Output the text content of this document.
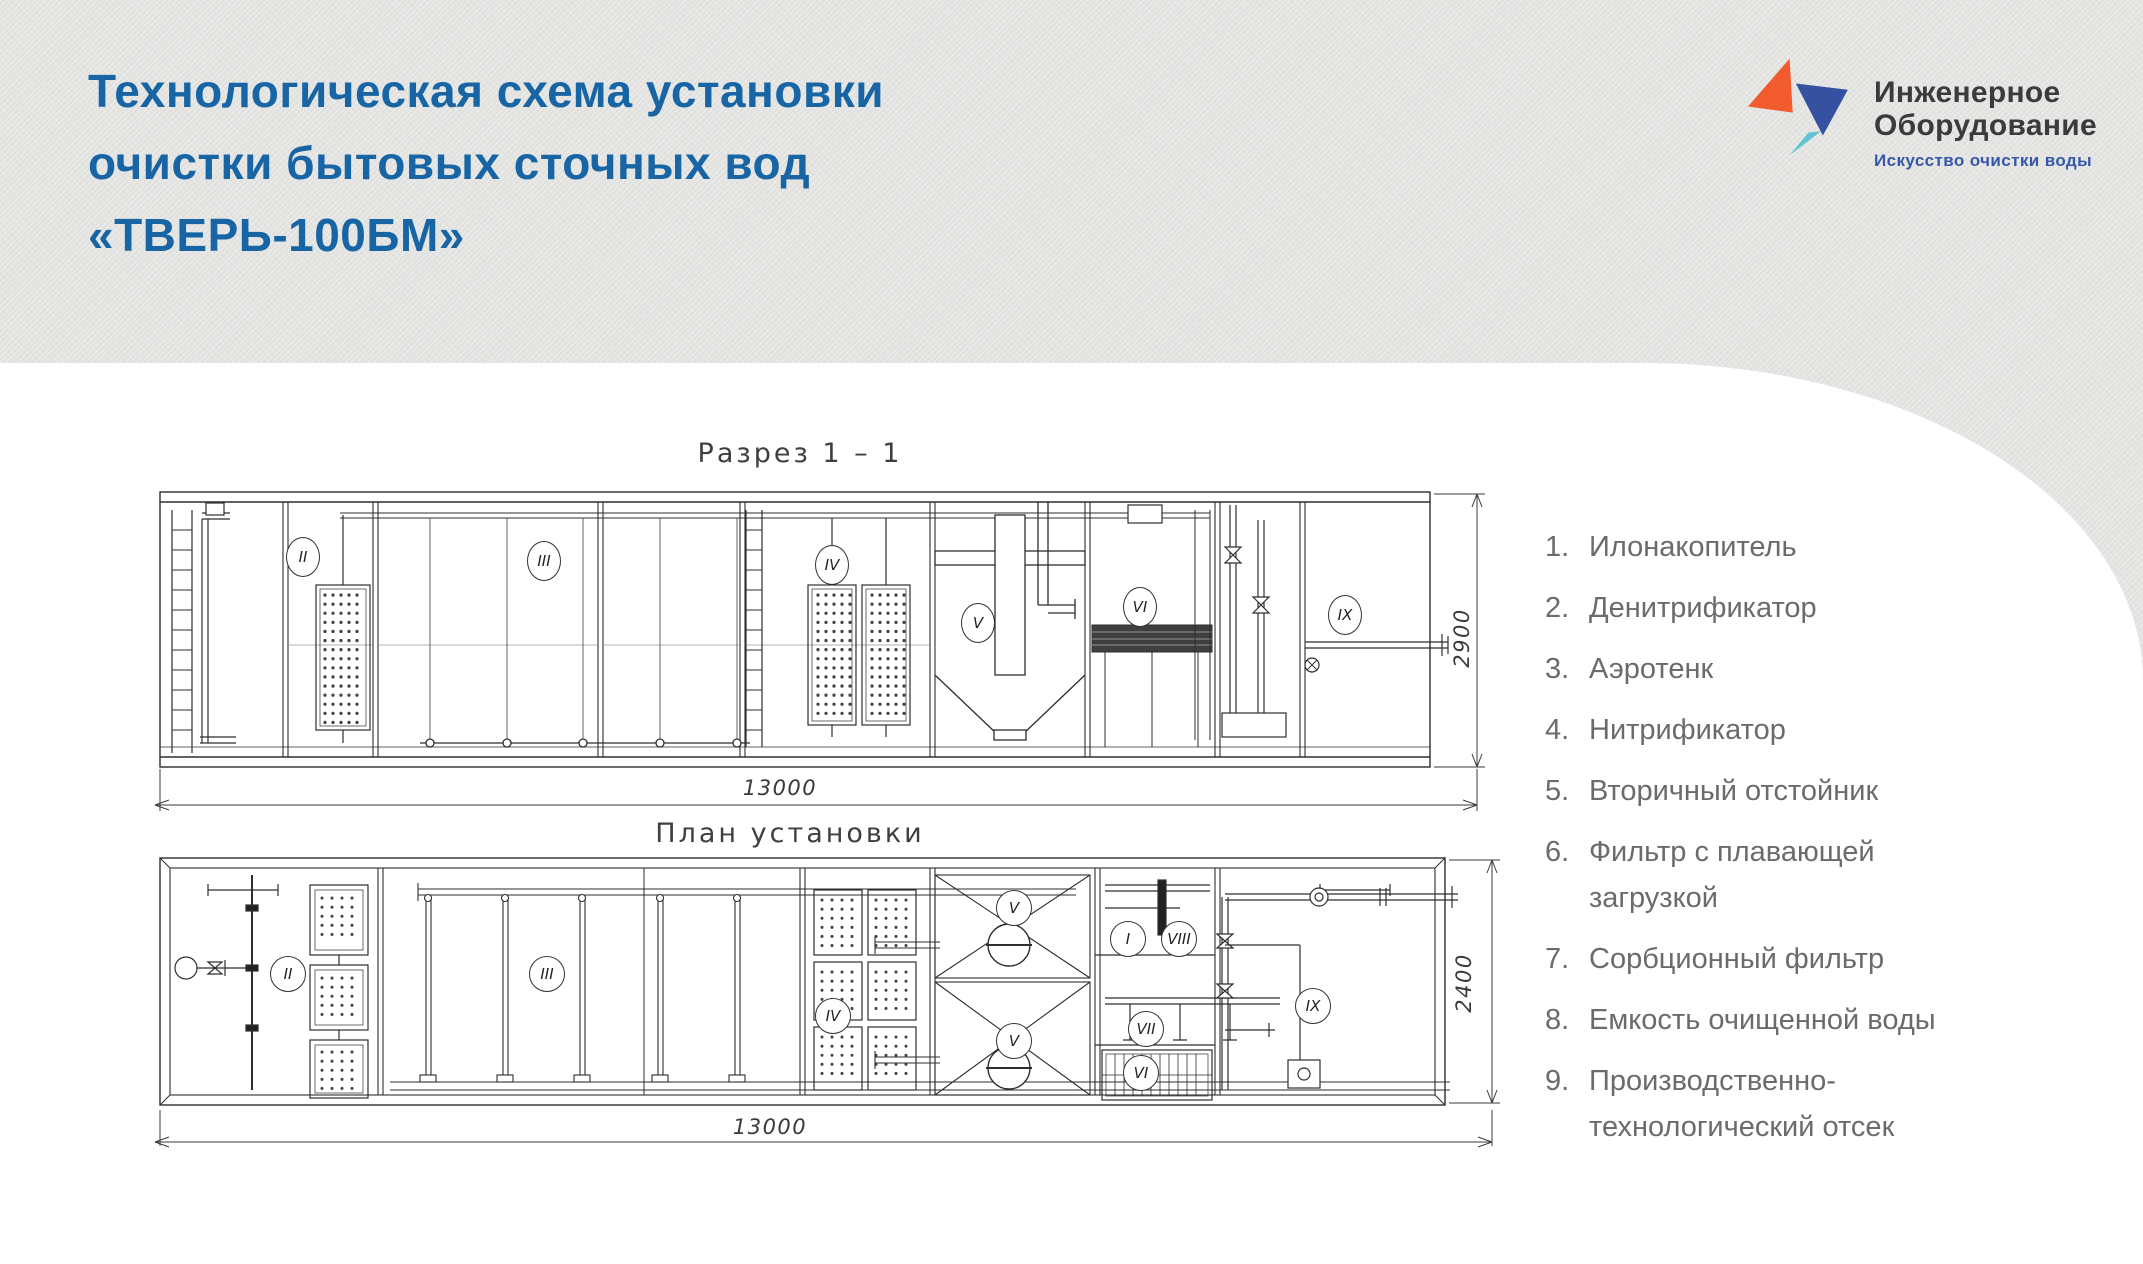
Технологическая схема установки
очистки бытовых сточных вод
«ТВЕРЬ-100БМ»
Инженерное
Оборудование
Искусство очистки воды
Разрез 1 – 1
II	III	IV
V
VI	IX
13000
2900
План установки
II	III
IV
V
V
I	VIII
VII
VI
IX
13000
2400
1. Илонакопитель
2. Денитрификатор
3. Аэротенк
4. Нитрификатор
5. Вторичный отстойник
6. Фильтр с плавающей загрузкой
7. Сорбционный фильтр
8. Емкость очищенной воды
9. Производственно-технологический отсек
